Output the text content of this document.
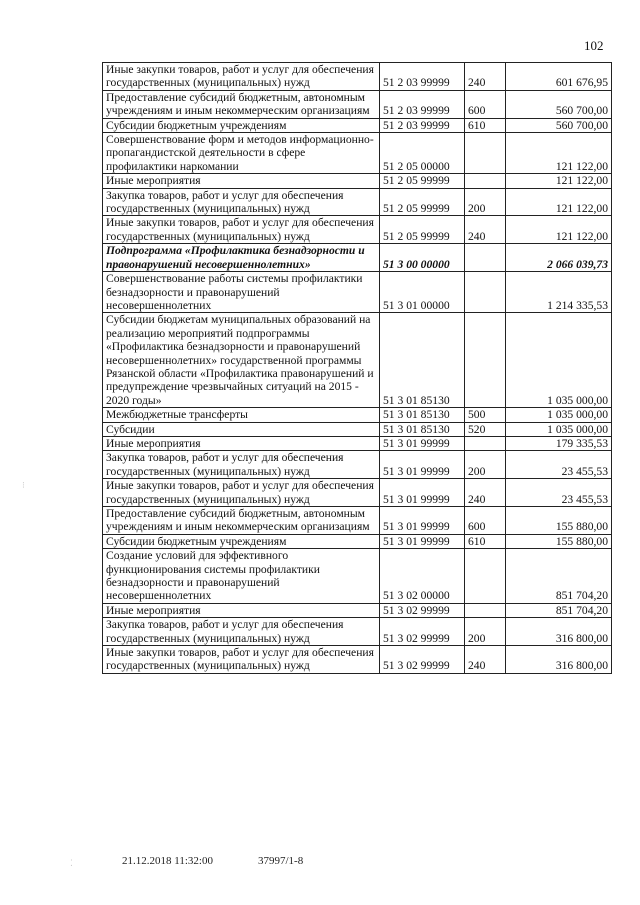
102
Иные закупки товаров, работ и услуг для обеспечения государственных (муниципальных) нужд	51 2 03 99999	240	601 676,95
Предоставление субсидий бюджетным, автономным учреждениям и иным некоммерческим организациям	51 2 03 99999	600	560 700,00
Субсидии бюджетным учреждениям	51 2 03 99999	610	560 700,00
Совершенствование форм и методов информационно-пропагандистской деятельности в сфере профилактики наркомании	51 2 05 00000		121 122,00
Иные мероприятия	51 2 05 99999		121 122,00
Закупка товаров, работ и услуг для обеспечения государственных (муниципальных) нужд	51 2 05 99999	200	121 122,00
Иные закупки товаров, работ и услуг для обеспечения государственных (муниципальных) нужд	51 2 05 99999	240	121 122,00
Подпрограмма «Профилактика безнадзорности и правонарушений несовершеннолетних»	51 3 00 00000		2 066 039,73
Совершенствование работы системы профилактики безнадзорности и правонарушений несовершеннолетних	51 3 01 00000		1 214 335,53
Субсидии бюджетам муниципальных образований на реализацию мероприятий подпрограммы «Профилактика безнадзорности и правонарушений несовершеннолетних» государственной программы Рязанской области «Профилактика правонарушений и предупреждение чрезвычайных ситуаций на 2015 - 2020 годы»	51 3 01 85130		1 035 000,00
Межбюджетные трансферты	51 3 01 85130	500	1 035 000,00
Субсидии	51 3 01 85130	520	1 035 000,00
Иные мероприятия	51 3 01 99999		179 335,53
Закупка товаров, работ и услуг для обеспечения государственных (муниципальных) нужд	51 3 01 99999	200	23 455,53
Иные закупки товаров, работ и услуг для обеспечения государственных (муниципальных) нужд	51 3 01 99999	240	23 455,53
Предоставление субсидий бюджетным, автономным учреждениям и иным некоммерческим организациям	51 3 01 99999	600	155 880,00
Субсидии бюджетным учреждениям	51 3 01 99999	610	155 880,00
Создание условий для эффективного функционирования системы профилактики безнадзорности и правонарушений несовершеннолетних	51 3 02 00000		851 704,20
Иные мероприятия	51 3 02 99999		851 704,20
Закупка товаров, работ и услуг для обеспечения государственных (муниципальных) нужд	51 3 02 99999	200	316 800,00
Иные закупки товаров, работ и услуг для обеспечения государственных (муниципальных) нужд	51 3 02 99999	240	316 800,00
21.12.2018 11:32:00	37997/1-8
⁝
⁚
